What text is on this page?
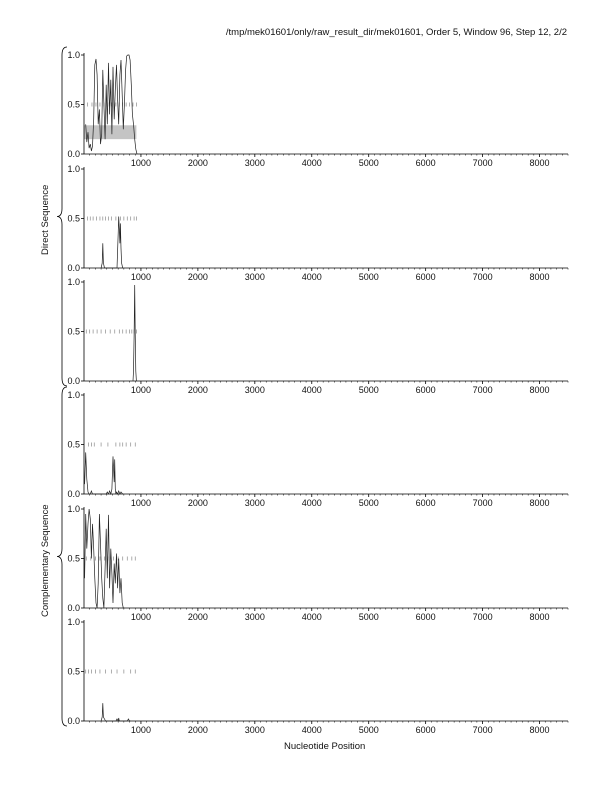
/tmp/mek01601/only/raw_result_dir/mek01601, Order 5, Window 96, Step 12, 2/2
0.0
0.5
1.0
1000	2000	3000	4000	5000	6000	7000	8000
0.0
0.5
1.0
1000	2000	3000	4000	5000	6000	7000	8000
0.0
0.5
1.0
1000	2000	3000	4000	5000	6000	7000	8000
0.0
0.5
1.0
1000	2000	3000	4000	5000	6000	7000	8000
0.0
0.5
1.0
1000	2000	3000	4000	5000	6000	7000	8000
0.0
0.5
1.0
1000	2000	3000	4000	5000	6000	7000	8000
Direct Sequence
Complementary Sequence
Nucleotide Position
